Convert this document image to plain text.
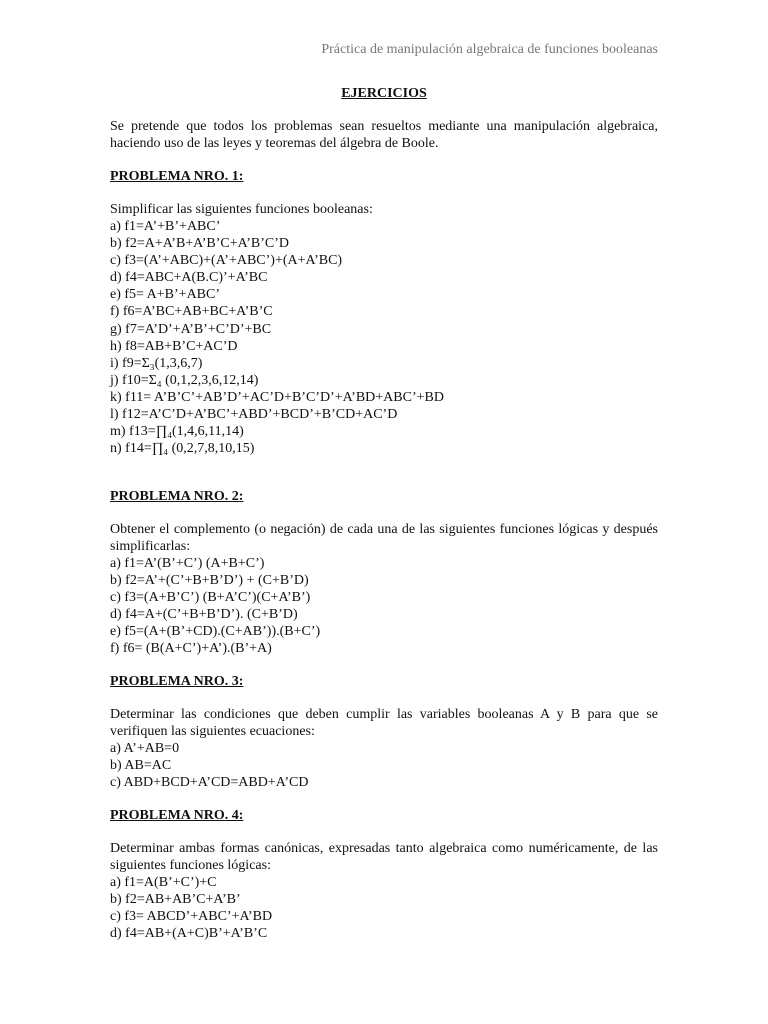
Práctica de manipulación algebraica de funciones booleanas
EJERCICIOS
Se pretende que todos los problemas sean resueltos mediante una manipulación algebraica, haciendo uso de las leyes y teoremas del álgebra de Boole.
PROBLEMA NRO. 1:
Simplificar las siguientes funciones booleanas:
a) f1=A’+B’+ABC’
b) f2=A+A’B+A’B’C+A’B’C’D
c) f3=(A’+ABC)+(A’+ABC’)+(A+A’BC)
d) f4=ABC+A(B.C)’+A’BC
e) f5= A+B’+ABC’
f) f6=A’BC+AB+BC+A’B’C
g) f7=A’D’+A’B’+C’D’+BC
h) f8=AB+B’C+AC’D
i) f9=Σ₃(1,3,6,7)
j) f10=Σ₄ (0,1,2,3,6,12,14)
k) f11= A’B’C’+AB’D’+AC’D+B’C’D’+A’BD+ABC’+BD
l) f12=A’C’D+A’BC’+ABD’+BCD’+B’CD+AC’D
m) f13=∏₄(1,4,6,11,14)
n) f14=∏₄ (0,2,7,8,10,15)
PROBLEMA NRO. 2:
Obtener el complemento (o negación) de cada una de las siguientes funciones lógicas y después simplificarlas:
a) f1=A’(B’+C’) (A+B+C’)
b) f2=A’+(C’+B+B’D’) + (C+B’D)
c) f3=(A+B’C’) (B+A’C’)(C+A’B’)
d) f4=A+(C’+B+B’D’). (C+B’D)
e) f5=(A+(B’+CD).(C+AB’)).(B+C’)
f) f6= (B(A+C’)+A’).(B’+A)
PROBLEMA NRO. 3:
Determinar las condiciones que deben cumplir las variables booleanas A y B para que se verifiquen las siguientes ecuaciones:
a) A’+AB=0
b) AB=AC
c) ABD+BCD+A’CD=ABD+A’CD
PROBLEMA NRO. 4:
Determinar ambas formas canónicas, expresadas tanto algebraica como numéricamente, de las siguientes funciones lógicas:
a) f1=A(B’+C’)+C
b) f2=AB+AB’C+A’B’
c) f3= ABCD’+ABC’+A’BD
d) f4=AB+(A+C)B’+A’B’C
